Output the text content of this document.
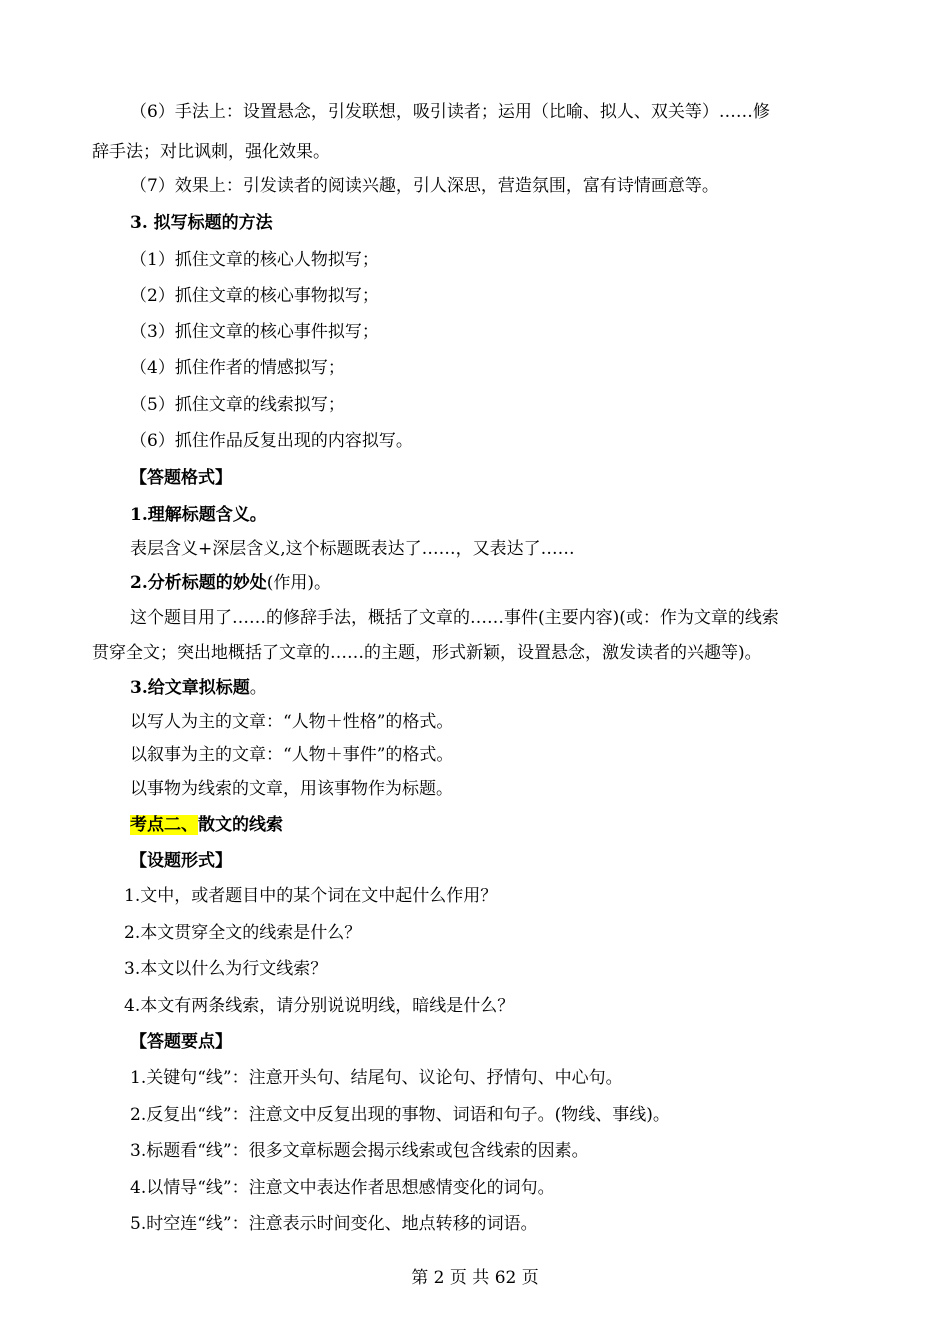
（6）手法上：设置悬念，引发联想，吸引读者；运用（比喻、拟人、双关等）……修
辞手法；对比讽刺，强化效果。
（7）效果上：引发读者的阅读兴趣，引人深思，营造氛围，富有诗情画意等。
3. 拟写标题的方法
（1）抓住文章的核心人物拟写；
（2）抓住文章的核心事物拟写；
（3）抓住文章的核心事件拟写；
（4）抓住作者的情感拟写；
（5）抓住文章的线索拟写；
（6）抓住作品反复出现的内容拟写。
【答题格式】
1.理解标题含义。
表层含义+深层含义,这个标题既表达了……，又表达了……
2.分析标题的妙处(作用)。
这个题目用了……的修辞手法，概括了文章的……事件(主要内容)(或：作为文章的线索
贯穿全文；突出地概括了文章的……的主题，形式新颖，设置悬念，激发读者的兴趣等)。
3.给文章拟标题。
以写人为主的文章：“人物＋性格”的格式。
以叙事为主的文章：“人物＋事件”的格式。
以事物为线索的文章，用该事物作为标题。
考点二、散文的线索
【设题形式】
1.文中，或者题目中的某个词在文中起什么作用？
2.本文贯穿全文的线索是什么？
3.本文以什么为行文线索？
4.本文有两条线索，请分别说说明线，暗线是什么？
【答题要点】
1.关键句“线”：注意开头句、结尾句、议论句、抒情句、中心句。
2.反复出“线”：注意文中反复出现的事物、词语和句子。(物线、事线)。
3.标题看“线”：很多文章标题会揭示线索或包含线索的因素。
4.以情导“线”：注意文中表达作者思想感情变化的词句。
5.时空连“线”：注意表示时间变化、地点转移的词语。
第 2 页 共 62 页
